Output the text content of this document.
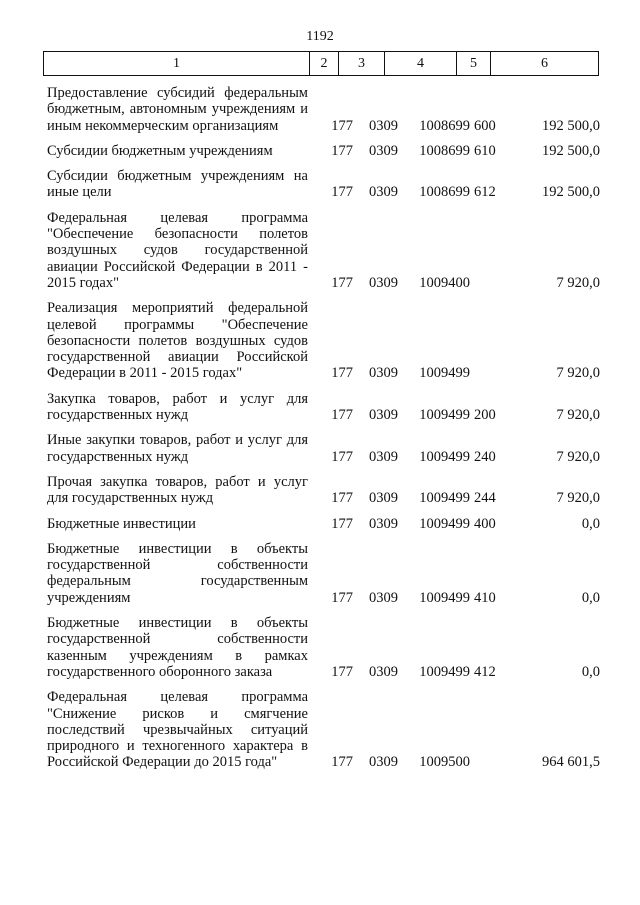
1192
1	2	3	4	5	6
Предоставление субсидий федеральным бюджетным, автономным учреждениям и иным некоммерческим организациям	177	0309	1008699 600	192 500,0
Субсидии бюджетным учреждениям	177	0309	1008699 610	192 500,0
Субсидии бюджетным учреждениям на иные цели	177	0309	1008699 612	192 500,0
Федеральная целевая программа "Обеспечение безопасности полетов воздушных судов государственной авиации Российской Федерации в 2011 - 2015 годах"	177	0309	1009400	7 920,0
Реализация мероприятий федеральной целевой программы "Обеспечение безопасности полетов воздушных судов государственной авиации Российской Федерации в 2011 - 2015 годах"	177	0309	1009499	7 920,0
Закупка товаров, работ и услуг для государственных нужд	177	0309	1009499 200	7 920,0
Иные закупки товаров, работ и услуг для государственных нужд	177	0309	1009499 240	7 920,0
Прочая закупка товаров, работ и услуг для государственных нужд	177	0309	1009499 244	7 920,0
Бюджетные инвестиции	177	0309	1009499 400	0,0
Бюджетные инвестиции в объекты государственной собственности федеральным государственным учреждениям	177	0309	1009499 410	0,0
Бюджетные инвестиции в объекты государственной собственности казенным учреждениям в рамках государственного оборонного заказа	177	0309	1009499 412	0,0
Федеральная целевая программа "Снижение рисков и смягчение последствий чрезвычайных ситуаций природного и техногенного характера в Российской Федерации до 2015 года"	177	0309	1009500	964 601,5
